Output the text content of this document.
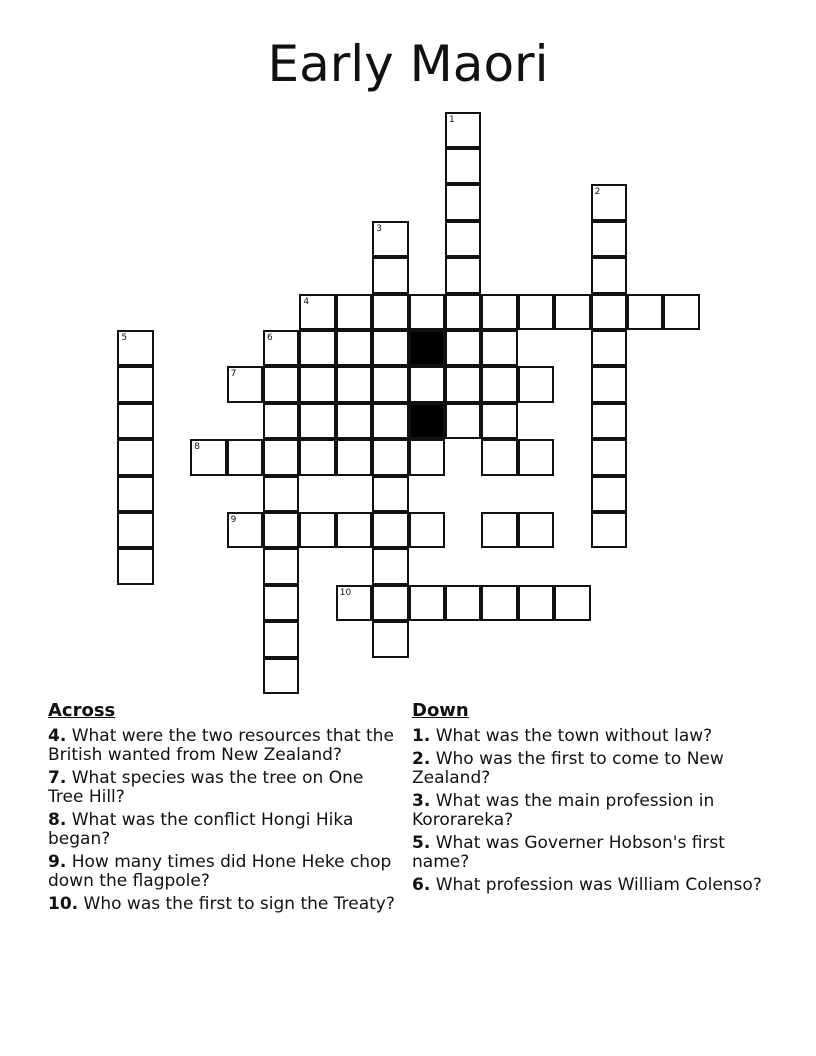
Early Maori
1
2
3
4
5	6
7
8
9
10
Across
4. What were the two resources that the British wanted from New Zealand?
7. What species was the tree on One Tree Hill?
8. What was the conflict Hongi Hika began?
9. How many times did Hone Heke chop down the flagpole?
10. Who was the first to sign the Treaty?
Down
1. What was the town without law?
2. Who was the first to come to New Zealand?
3. What was the main profession in Kororareka?
5. What was Governer Hobson's first name?
6. What profession was William Colenso?
